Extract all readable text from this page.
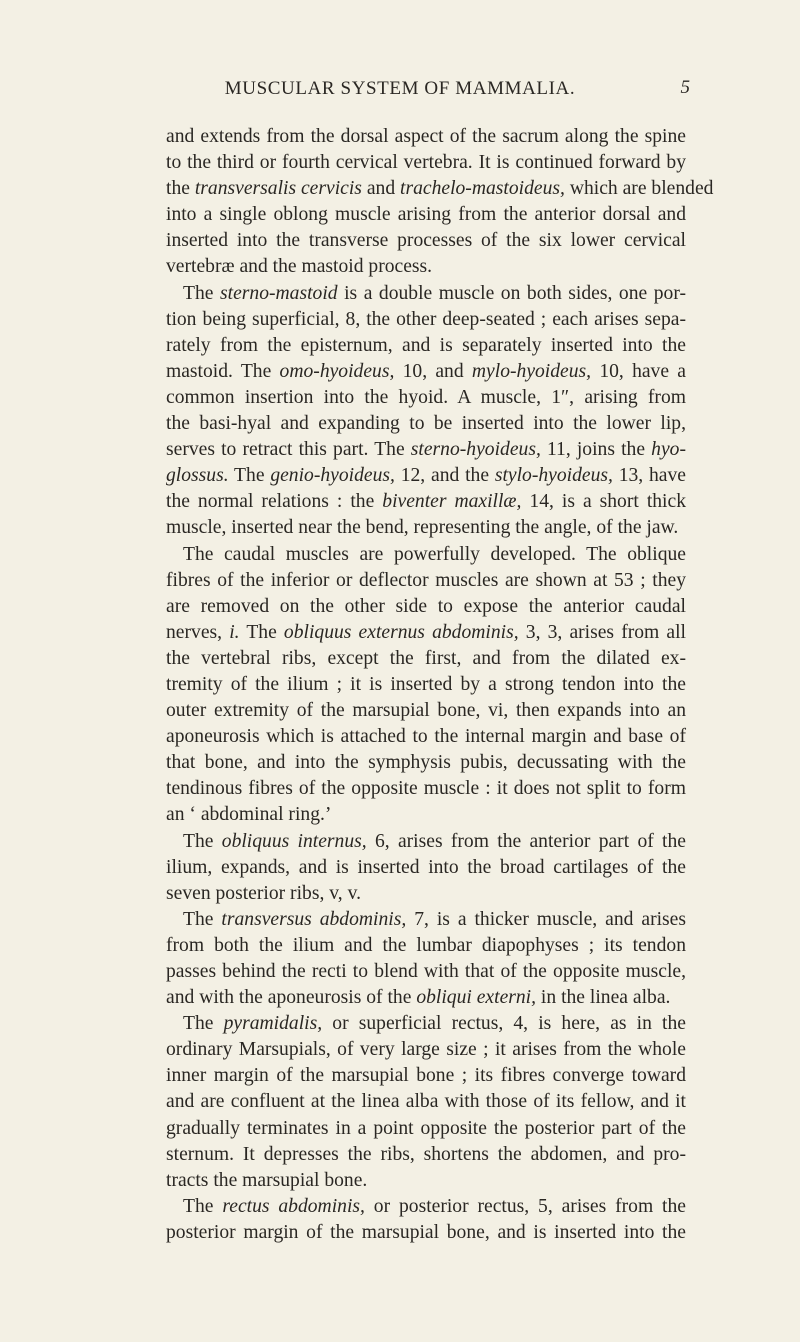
MUSCULAR SYSTEM OF MAMMALIA.	5
and extends from the dorsal aspect of the sacrum along the spine
to the third or fourth cervical vertebra. It is continued forward by
the transversalis cervicis and trachelo-mastoideus, which are blended
into a single oblong muscle arising from the anterior dorsal and
inserted into the transverse processes of the six lower cervical
vertebræ and the mastoid process.
The sterno-mastoid is a double muscle on both sides, one por-
tion being superficial, 8, the other deep-seated ; each arises sepa-
rately from the episternum, and is separately inserted into the
mastoid. The omo-hyoideus, 10, and mylo-hyoideus, 10, have a
common insertion into the hyoid. A muscle, 1″, arising from
the basi-hyal and expanding to be inserted into the lower lip,
serves to retract this part. The sterno-hyoideus, 11, joins the hyo-
glossus. The genio-hyoideus, 12, and the stylo-hyoideus, 13, have
the normal relations : the biventer maxillæ, 14, is a short thick
muscle, inserted near the bend, representing the angle, of the jaw.
The caudal muscles are powerfully developed. The oblique
fibres of the inferior or deflector muscles are shown at 53 ; they
are removed on the other side to expose the anterior caudal
nerves, i. The obliquus externus abdominis, 3, 3, arises from all
the vertebral ribs, except the first, and from the dilated ex-
tremity of the ilium ; it is inserted by a strong tendon into the
outer extremity of the marsupial bone, vi, then expands into an
aponeurosis which is attached to the internal margin and base of
that bone, and into the symphysis pubis, decussating with the
tendinous fibres of the opposite muscle : it does not split to form
an ‘ abdominal ring.’
The obliquus internus, 6, arises from the anterior part of the
ilium, expands, and is inserted into the broad cartilages of the
seven posterior ribs, v, v.
The transversus abdominis, 7, is a thicker muscle, and arises
from both the ilium and the lumbar diapophyses ; its tendon
passes behind the recti to blend with that of the opposite muscle,
and with the aponeurosis of the obliqui externi, in the linea alba.
The pyramidalis, or superficial rectus, 4, is here, as in the
ordinary Marsupials, of very large size ; it arises from the whole
inner margin of the marsupial bone ; its fibres converge toward
and are confluent at the linea alba with those of its fellow, and it
gradually terminates in a point opposite the posterior part of the
sternum. It depresses the ribs, shortens the abdomen, and pro-
tracts the marsupial bone.
The rectus abdominis, or posterior rectus, 5, arises from the
posterior margin of the marsupial bone, and is inserted into the
